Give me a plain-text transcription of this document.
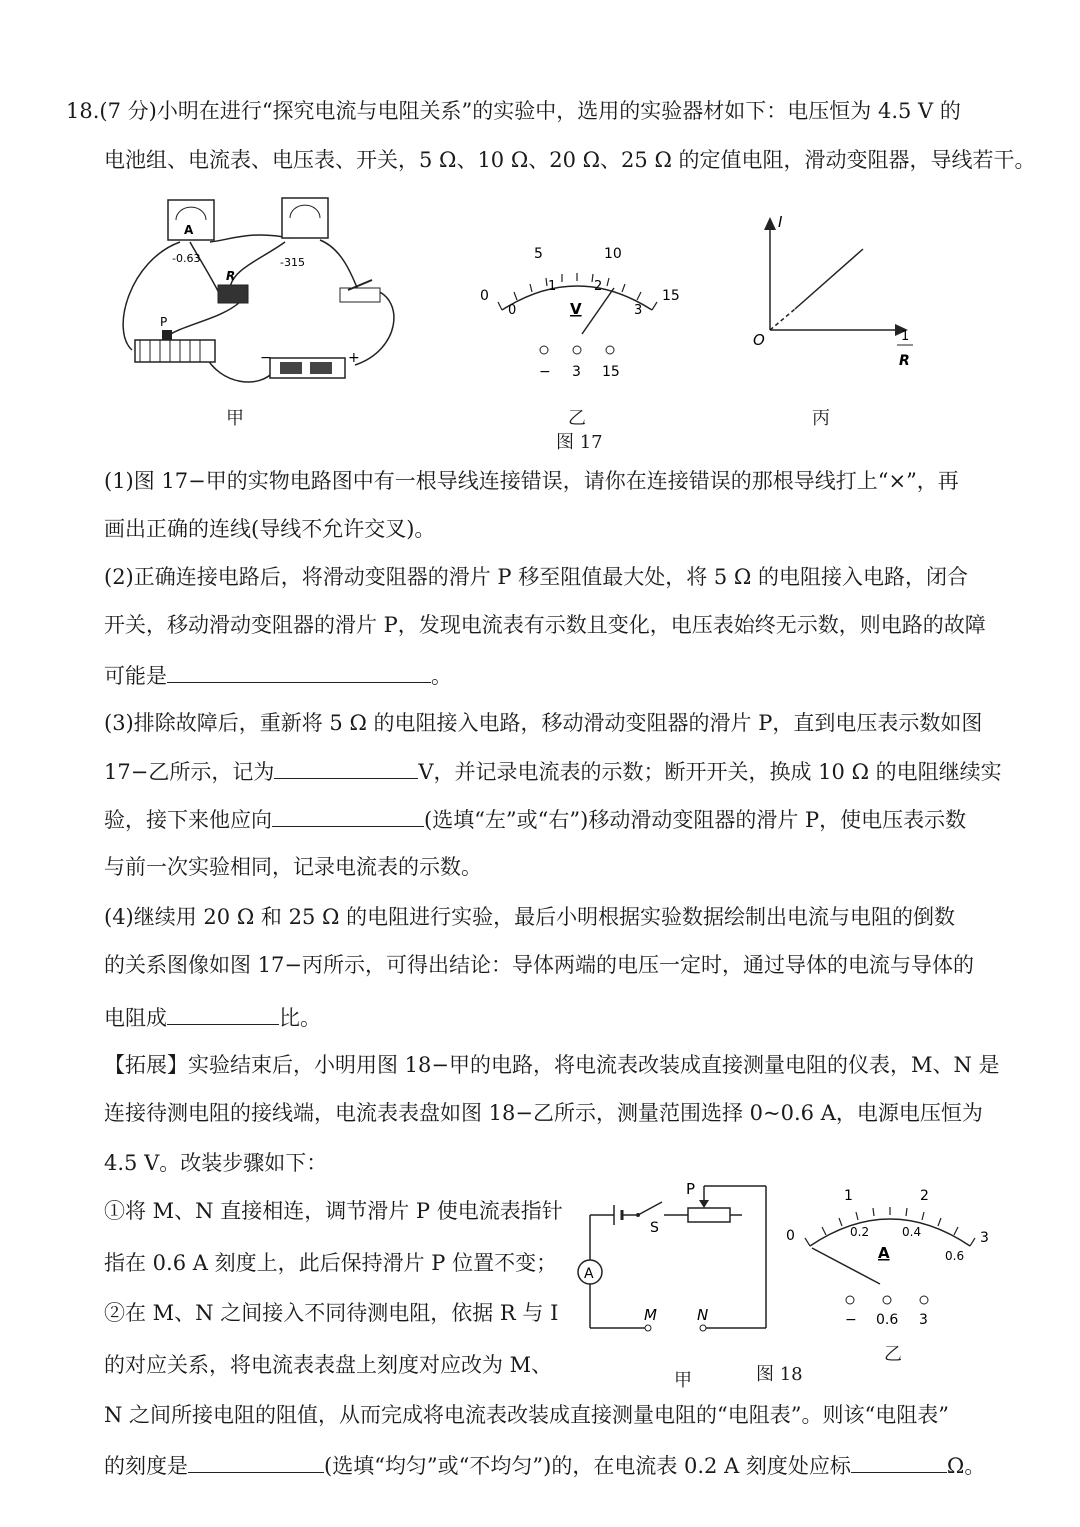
18.(7 分)小明在进行“探究电流与电阻关系”的实验中，选用的实验器材如下：电压恒为 4.5 V 的
电池组、电流表、电压表、开关，5 Ω、10 Ω、20 Ω、25 Ω 的定值电阻，滑动变阻器，导线若干。
A
-0.63	-315
R
P
−	+
甲
0
5	10
15
0
1	2
3
V
− 3 15
乙
图 17
I
O	1
R
丙
(1)图 17−甲的实物电路图中有一根导线连接错误，请你在连接错误的那根导线打上“×”，再
画出正确的连线(导线不允许交叉)。
(2)正确连接电路后，将滑动变阻器的滑片 P 移至阻值最大处，将 5 Ω 的电阻接入电路，闭合
开关，移动滑动变阻器的滑片 P，发现电流表有示数且变化，电压表始终无示数，则电路的故障
可能是	。
(3)排除故障后，重新将 5 Ω 的电阻接入电路，移动滑动变阻器的滑片 P，直到电压表示数如图
17−乙所示，记为	V，并记录电流表的示数；断开开关，换成 10 Ω 的电阻继续实
验，接下来他应向	(选填“左”或“右”)移动滑动变阻器的滑片 P，使电压表示数
与前一次实验相同，记录电流表的示数。
(4)继续用 20 Ω 和 25 Ω 的电阻进行实验，最后小明根据实验数据绘制出电流与电阻的倒数
的关系图像如图 17−丙所示，可得出结论：导体两端的电压一定时，通过导体的电流与导体的
电阻成	比。
【拓展】实验结束后，小明用图 18−甲的电路，将电流表改装成直接测量电阻的仪表，M、N 是
连接待测电阻的接线端，电流表表盘如图 18−乙所示，测量范围选择 0~0.6 A，电源电压恒为
4.5 V。改装步骤如下：
①将 M、N 直接相连，调节滑片 P 使电流表指针
指在 0.6 A 刻度上，此后保持滑片 P 位置不变；
②在 M、N 之间接入不同待测电阻，依据 R 与 I
的对应关系，将电流表表盘上刻度对应改为 M、
S
P
A
M	N
甲
0
1	2
3
0.2	0.4
0.6
A
− 0.6 3
乙
图 18
N 之间所接电阻的阻值，从而完成将电流表改装成直接测量电阻的“电阻表”。则该“电阻表”
的刻度是	(选填“均匀”或“不均匀”)的，在电流表 0.2 A 刻度处应标	Ω。
